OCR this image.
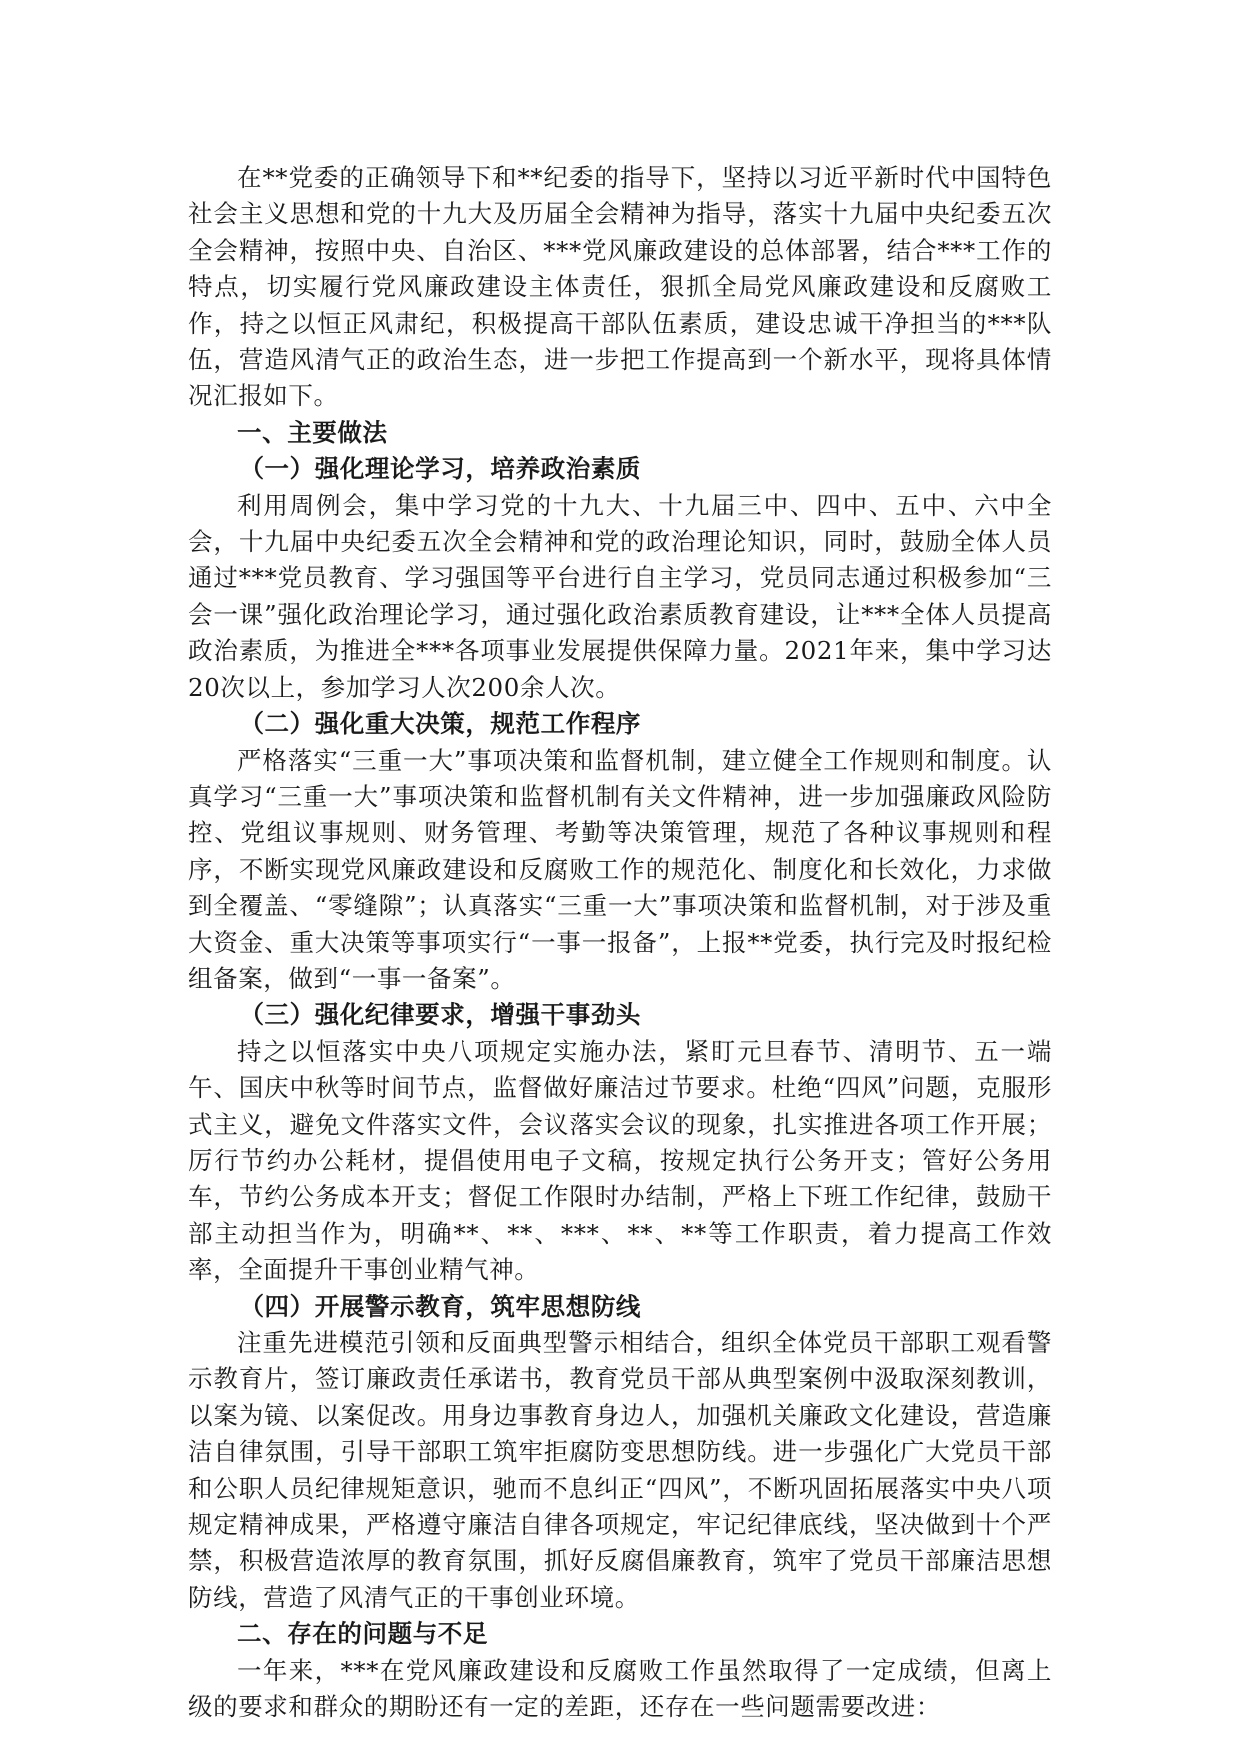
在**党委的正确领导下和**纪委的指导下，坚持以习近平新时代中国特色社会主义思想和党的十九大及历届全会精神为指导，落实十九届中央纪委五次全会精神，按照中央、自治区、***党风廉政建设的总体部署，结合***工作的特点，切实履行党风廉政建设主体责任，狠抓全局党风廉政建设和反腐败工作，持之以恒正风肃纪，积极提高干部队伍素质，建设忠诚干净担当的***队伍，营造风清气正的政治生态，进一步把工作提高到一个新水平，现将具体情况汇报如下。

一、主要做法

（一）强化理论学习，培养政治素质

利用周例会，集中学习党的十九大、十九届三中、四中、五中、六中全会，十九届中央纪委五次全会精神和党的政治理论知识，同时，鼓励全体人员通过***党员教育、学习强国等平台进行自主学习，党员同志通过积极参加“三会一课”强化政治理论学习，通过强化政治素质教育建设，让***全体人员提高政治素质，为推进全***各项事业发展提供保障力量。2021年来，集中学习达20次以上，参加学习人次200余人次。

（二）强化重大决策，规范工作程序

严格落实“三重一大”事项决策和监督机制，建立健全工作规则和制度。认真学习“三重一大”事项决策和监督机制有关文件精神，进一步加强廉政风险防控、党组议事规则、财务管理、考勤等决策管理，规范了各种议事规则和程序，不断实现党风廉政建设和反腐败工作的规范化、制度化和长效化，力求做到全覆盖、“零缝隙”；认真落实“三重一大”事项决策和监督机制，对于涉及重大资金、重大决策等事项实行“一事一报备”，上报**党委，执行完及时报纪检组备案，做到“一事一备案”。

（三）强化纪律要求，增强干事劲头

持之以恒落实中央八项规定实施办法，紧盯元旦春节、清明节、五一端午、国庆中秋等时间节点，监督做好廉洁过节要求。杜绝“四风”问题，克服形式主义，避免文件落实文件，会议落实会议的现象，扎实推进各项工作开展；厉行节约办公耗材，提倡使用电子文稿，按规定执行公务开支；管好公务用车，节约公务成本开支；督促工作限时办结制，严格上下班工作纪律，鼓励干部主动担当作为，明确**、**、***、**、**等工作职责，着力提高工作效率，全面提升干事创业精气神。

（四）开展警示教育，筑牢思想防线

注重先进模范引领和反面典型警示相结合，组织全体党员干部职工观看警示教育片，签订廉政责任承诺书，教育党员干部从典型案例中汲取深刻教训，以案为镜、以案促改。用身边事教育身边人，加强机关廉政文化建设，营造廉洁自律氛围，引导干部职工筑牢拒腐防变思想防线。进一步强化广大党员干部和公职人员纪律规矩意识，驰而不息纠正“四风”，不断巩固拓展落实中央八项规定精神成果，严格遵守廉洁自律各项规定，牢记纪律底线，坚决做到十个严禁，积极营造浓厚的教育氛围，抓好反腐倡廉教育，筑牢了党员干部廉洁思想防线，营造了风清气正的干事创业环境。

二、存在的问题与不足

一年来，***在党风廉政建设和反腐败工作虽然取得了一定成绩，但离上级的要求和群众的期盼还有一定的差距，还存在一些问题需要改进：
